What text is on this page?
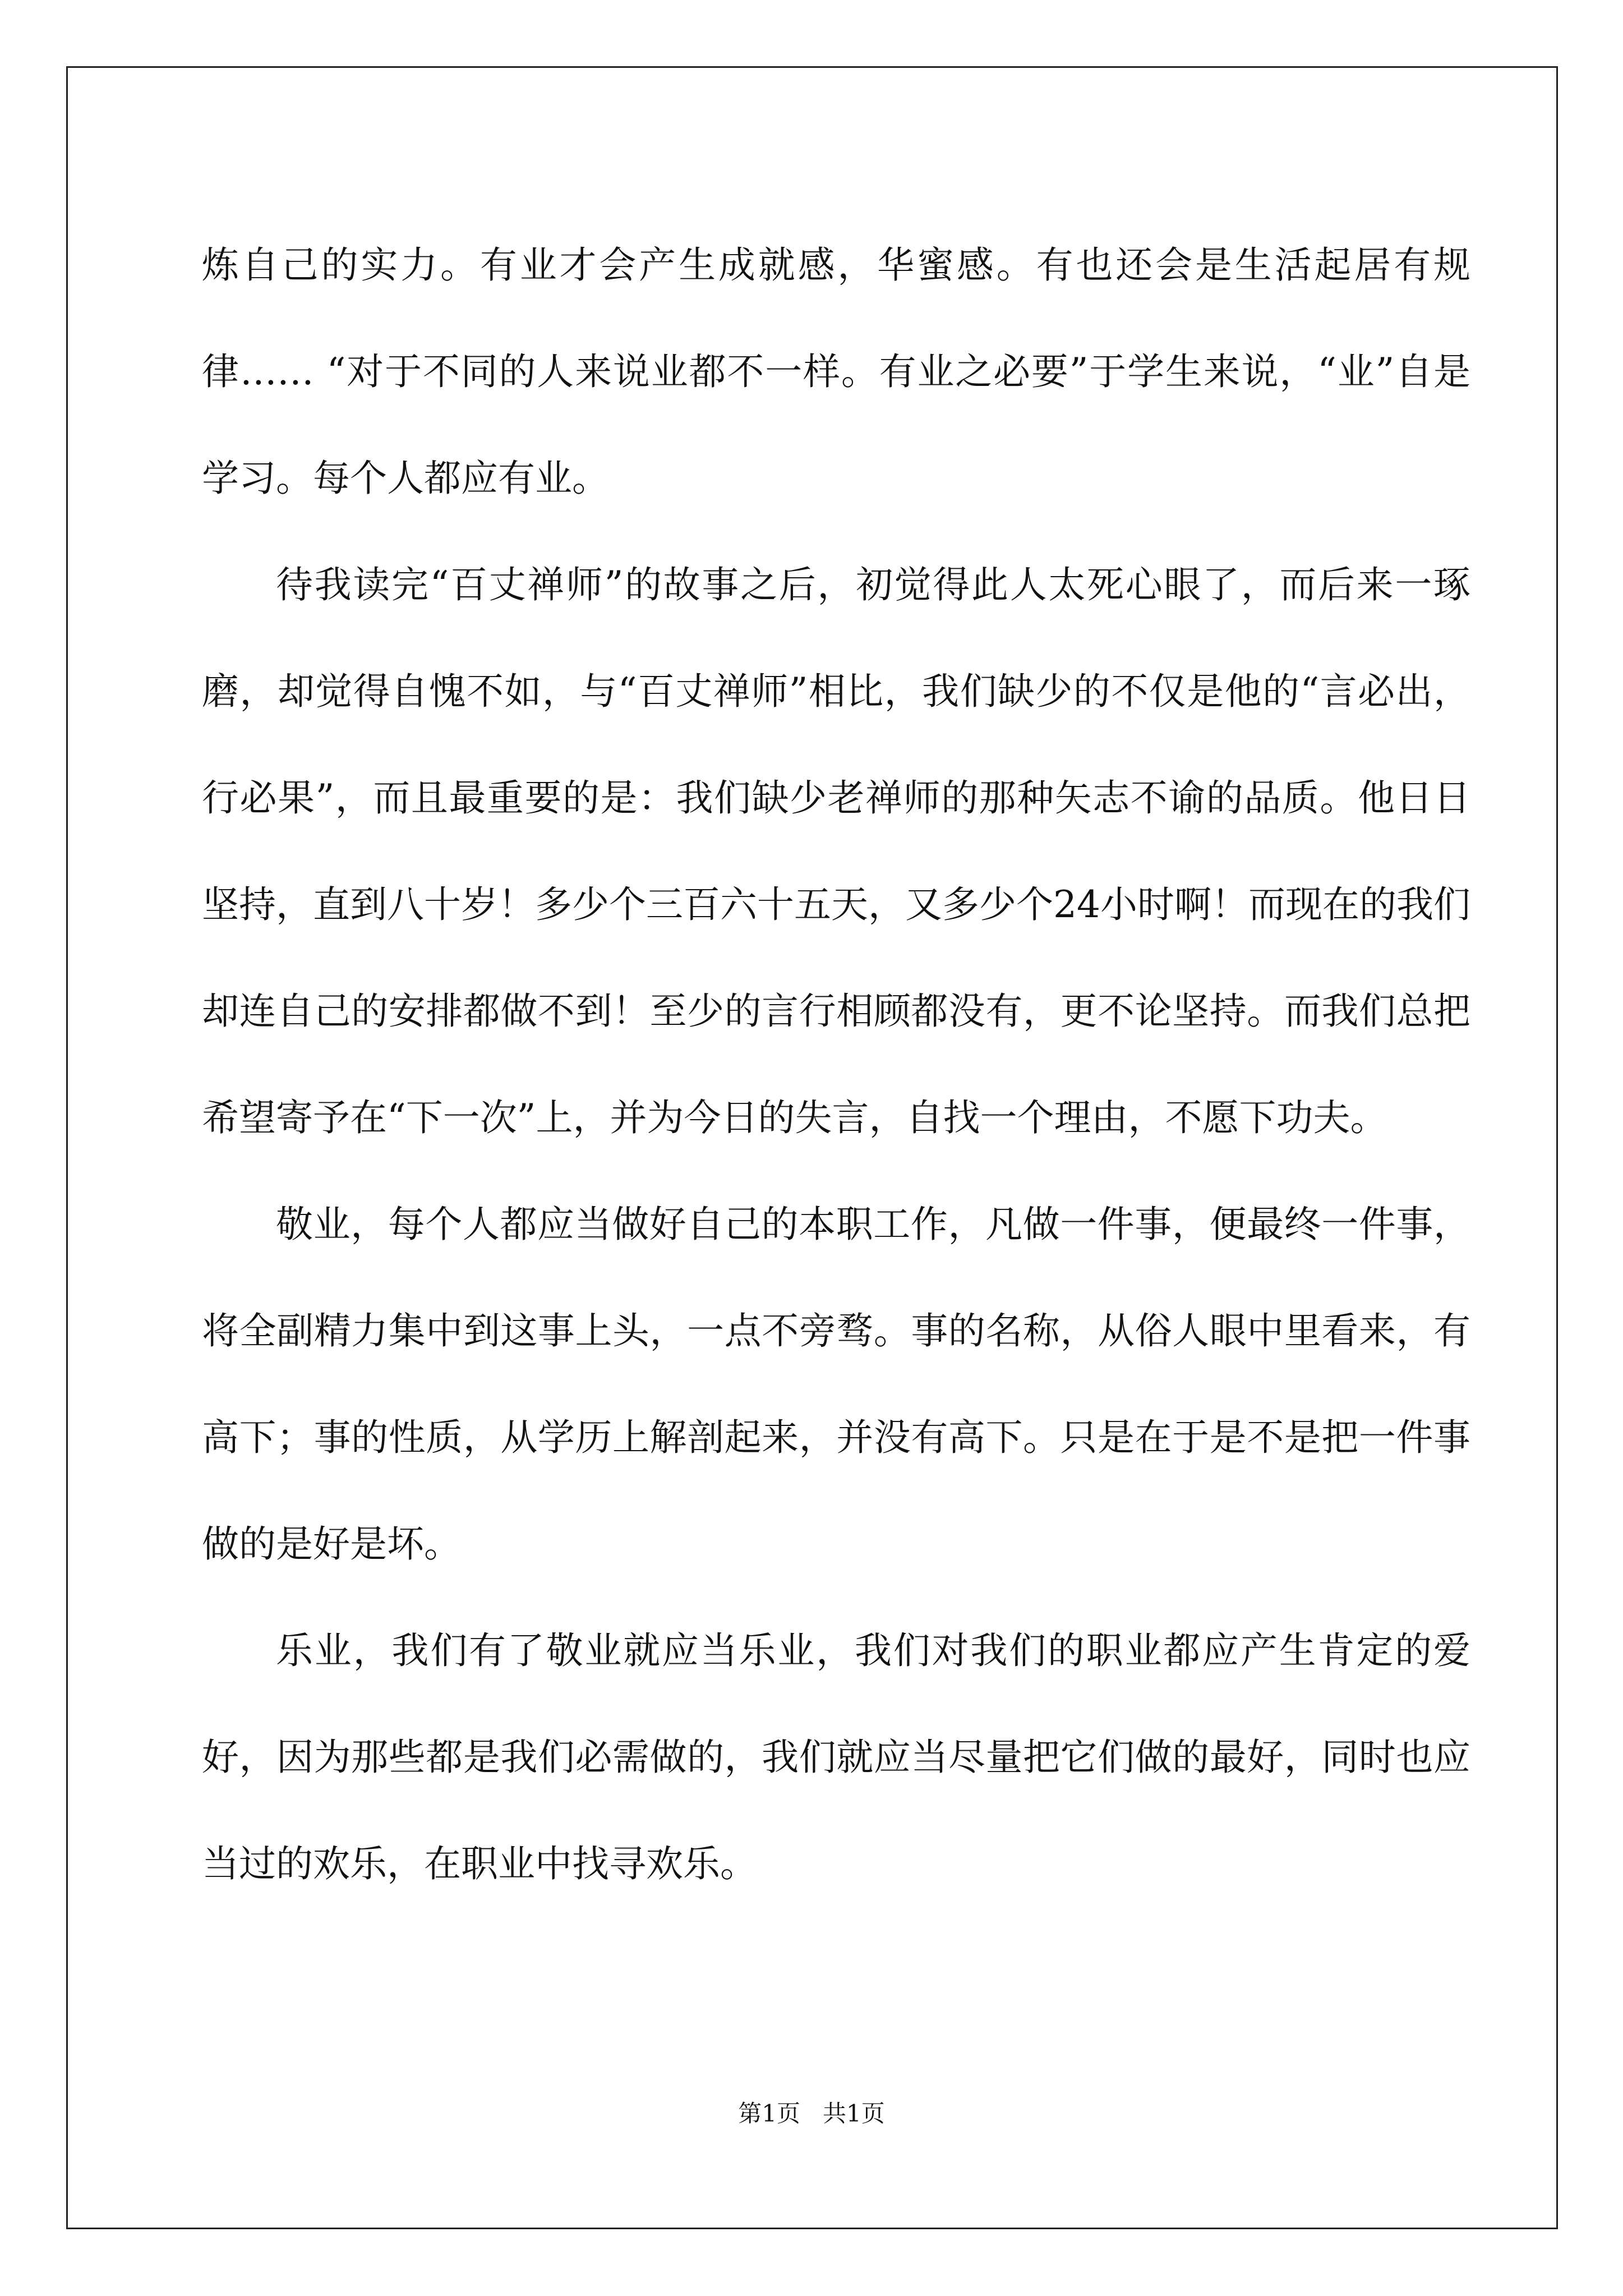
炼自己的实力。有业才会产生成就感，华蜜感。有也还会是生活起居有规律…… “对于不同的人来说业都不一样。有业之必要”于学生来说，“业”自是学习。每个人都应有业。

待我读完“百丈禅师”的故事之后，初觉得此人太死心眼了，而后来一琢磨，却觉得自愧不如，与“百丈禅师”相比，我们缺少的不仅是他的“言必出，行必果”，而且最重要的是：我们缺少老禅师的那种矢志不谕的品质。他日日坚持，直到八十岁！多少个三百六十五天，又多少个24小时啊！而现在的我们却连自己的安排都做不到！至少的言行相顾都没有，更不论坚持。而我们总把希望寄予在“下一次”上，并为今日的失言，自找一个理由，不愿下功夫。

敬业，每个人都应当做好自己的本职工作，凡做一件事，便最终一件事，将全副精力集中到这事上头，一点不旁骛。事的名称，从俗人眼中里看来，有高下；事的性质，从学历上解剖起来，并没有高下。只是在于是不是把一件事做的是好是坏。

乐业，我们有了敬业就应当乐业，我们对我们的职业都应产生肯定的爱好，因为那些都是我们必需做的，我们就应当尽量把它们做的最好，同时也应当过的欢乐，在职业中找寻欢乐。

第1页 共1页
